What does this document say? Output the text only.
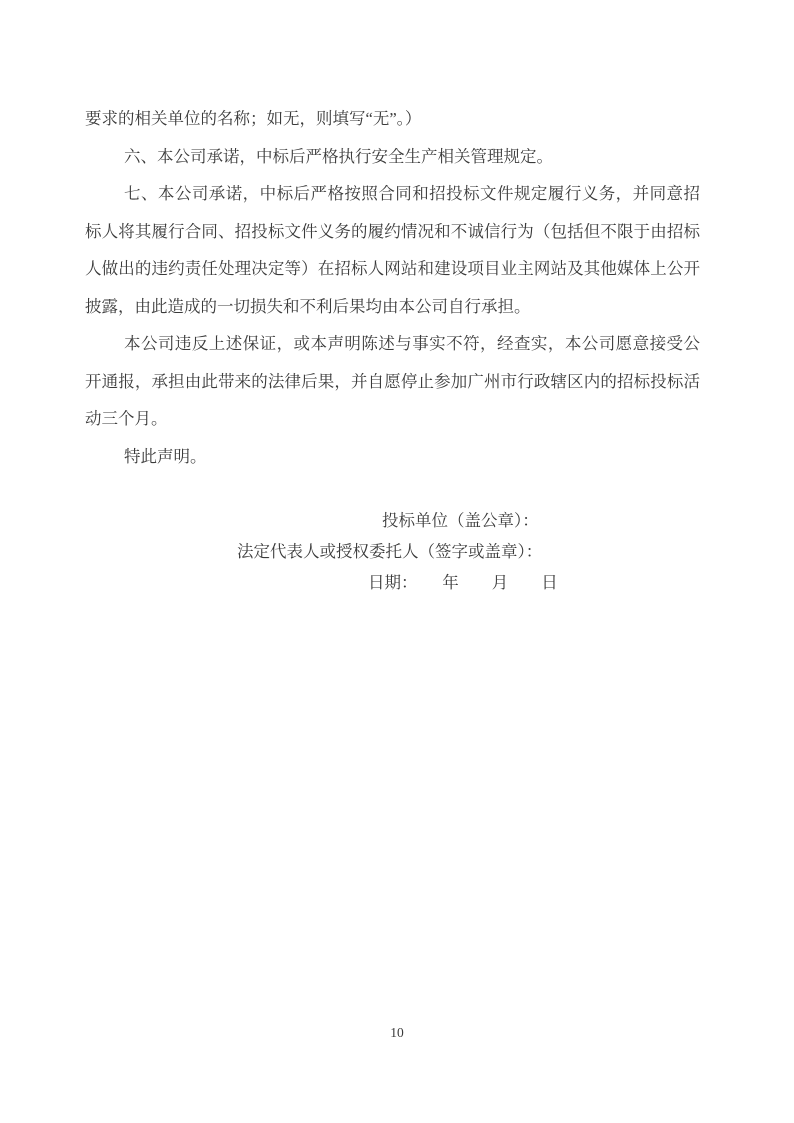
要求的相关单位的名称；如无，则填写“无”。）
六、本公司承诺，中标后严格执行安全生产相关管理规定。
七、本公司承诺，中标后严格按照合同和招投标文件规定履行义务，并同意招
标人将其履行合同、招投标文件义务的履约情况和不诚信行为（包括但不限于由招标
人做出的违约责任处理决定等）在招标人网站和建设项目业主网站及其他媒体上公开
披露，由此造成的一切损失和不利后果均由本公司自行承担。
本公司违反上述保证，或本声明陈述与事实不符，经查实，本公司愿意接受公
开通报，承担由此带来的法律后果，并自愿停止参加广州市行政辖区内的招标投标活
动三个月。
特此声明。
投标单位（盖公章）：
法定代表人或授权委托人（签字或盖章）：
日期：　　年　　月　　日
10
